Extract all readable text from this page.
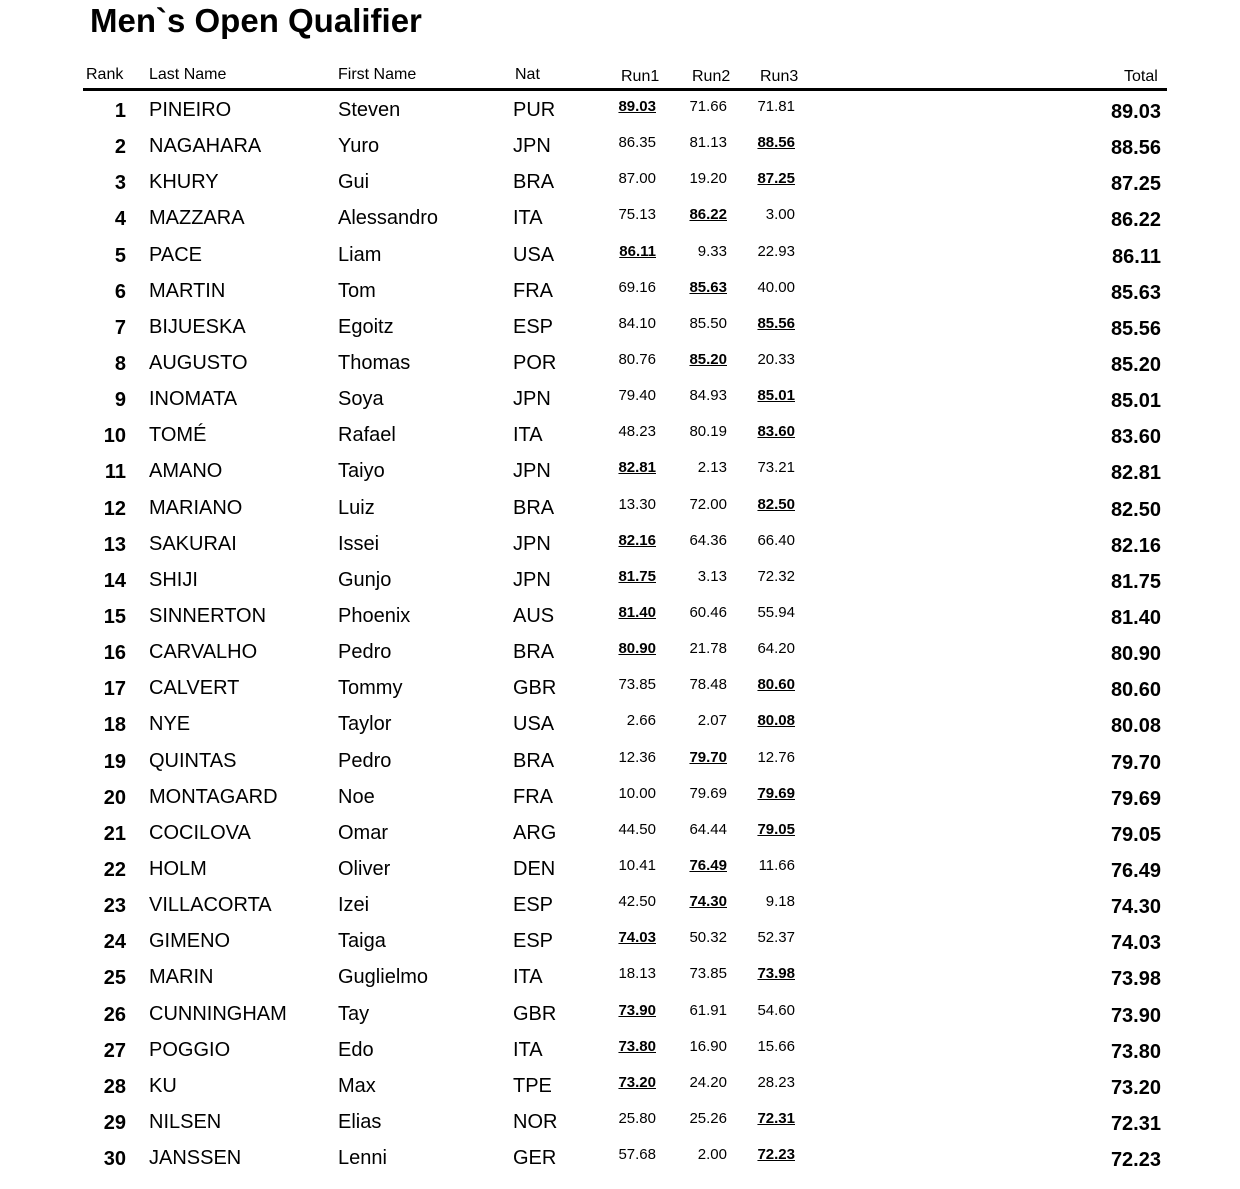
Men`s Open Qualifier
Rank Last Name	First Name	Nat	Run1 Run2 Run3	Total
1 PINEIRO	Steven	PUR	89.03 71.66 71.81	89.03
2 NAGAHARA	Yuro	JPN	86.35 81.13 88.56	88.56
3 KHURY	Gui	BRA	87.00 19.20 87.25	87.25
4 MAZZARA	Alessandro	ITA	75.13 86.22	3.00	86.22
5 PACE	Liam	USA	86.11	9.33 22.93	86.11
6 MARTIN	Tom	FRA	69.16 85.63 40.00	85.63
7 BIJUESKA	Egoitz	ESP	84.10 85.50 85.56	85.56
8 AUGUSTO	Thomas	POR	80.76 85.20 20.33	85.20
9 INOMATA	Soya	JPN	79.40 84.93 85.01	85.01
10 TOMÉ	Rafael	ITA	48.23 80.19 83.60	83.60
11 AMANO	Taiyo	JPN	82.81	2.13 73.21	82.81
12 MARIANO	Luiz	BRA	13.30 72.00 82.50	82.50
13 SAKURAI	Issei	JPN	82.16 64.36 66.40	82.16
14 SHIJI	Gunjo	JPN	81.75	3.13 72.32	81.75
15 SINNERTON	Phoenix	AUS	81.40 60.46 55.94	81.40
16 CARVALHO	Pedro	BRA	80.90 21.78 64.20	80.90
17 CALVERT	Tommy	GBR	73.85 78.48 80.60	80.60
18 NYE	Taylor	USA	2.66	2.07 80.08	80.08
19 QUINTAS	Pedro	BRA	12.36 79.70 12.76	79.70
20 MONTAGARD	Noe	FRA	10.00 79.69 79.69	79.69
21 COCILOVA	Omar	ARG	44.50 64.44 79.05	79.05
22 HOLM	Oliver	DEN	10.41 76.49 11.66	76.49
23 VILLACORTA	Izei	ESP	42.50 74.30	9.18	74.30
24 GIMENO	Taiga	ESP	74.03 50.32 52.37	74.03
25 MARIN	Guglielmo	ITA	18.13 73.85 73.98	73.98
26 CUNNINGHAM	Tay	GBR	73.90 61.91 54.60	73.90
27 POGGIO	Edo	ITA	73.80 16.90 15.66	73.80
28 KU	Max	TPE	73.20 24.20 28.23	73.20
29 NILSEN	Elias	NOR	25.80 25.26 72.31	72.31
30 JANSSEN	Lenni	GER	57.68	2.00 72.23	72.23
